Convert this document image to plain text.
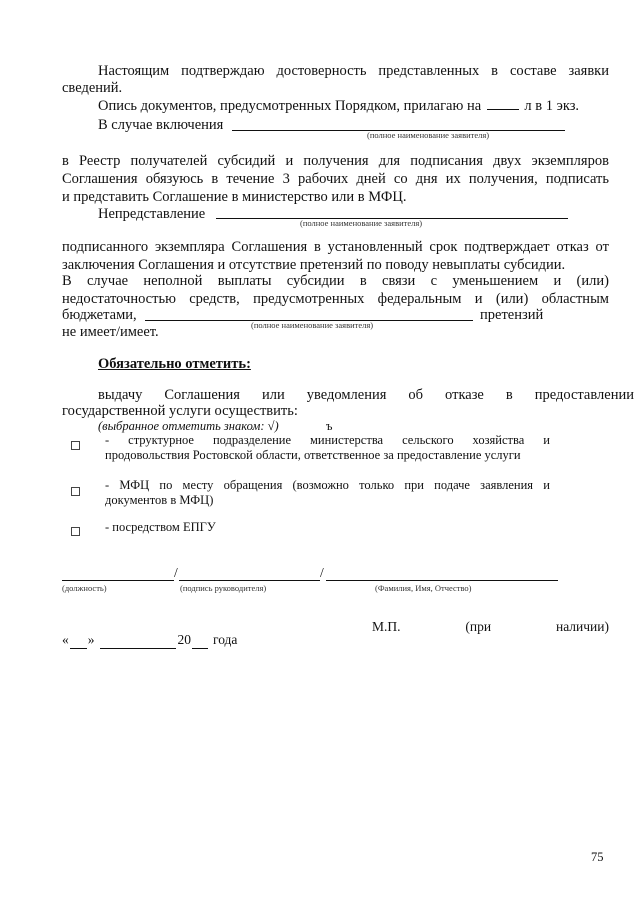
Настоящим подтверждаю достоверность представленных в составе заявки
сведений.
Опись документов, предусмотренных Порядком, прилагаю на	л в 1 экз.
В случае включения
(полное наименование заявителя)
в Реестр получателей субсидий и получения для подписания двух экземпляров
Соглашения обязуюсь в течение 3 рабочих дней со дня их получения, подписать
и представить Соглашение в министерство или в МФЦ.
Непредставление
(полное наименование заявителя)
подписанного экземпляра Соглашения в установленный срок подтверждает отказ от
заключения Соглашения и отсутствие претензий по поводу невыплаты субсидии.
В случае неполной выплаты субсидии в связи с уменьшением и (или)
недостаточностью средств, предусмотренных федеральным и (или) областным
бюджетами,	претензий
(полное наименование заявителя)
не имеет/имеет.
Обязательно отметить:
выдачу Соглашения или уведомления об отказе в предоставлении
государственной услуги осуществить:
(выбранное отметить знаком: √)	ъ
- структурное подразделение министерства сельского хозяйства и
продовольствия Ростовской области, ответственное за предоставление услуги
- МФЦ по месту обращения (возможно только при подаче заявления и
документов в МФЦ)
- посредством ЕПГУ
/	/
(должность)	(подпись руководителя)	(Фамилия, Имя, Отчество)
М.П.	(при	наличии)
«
»
	20
года
75
